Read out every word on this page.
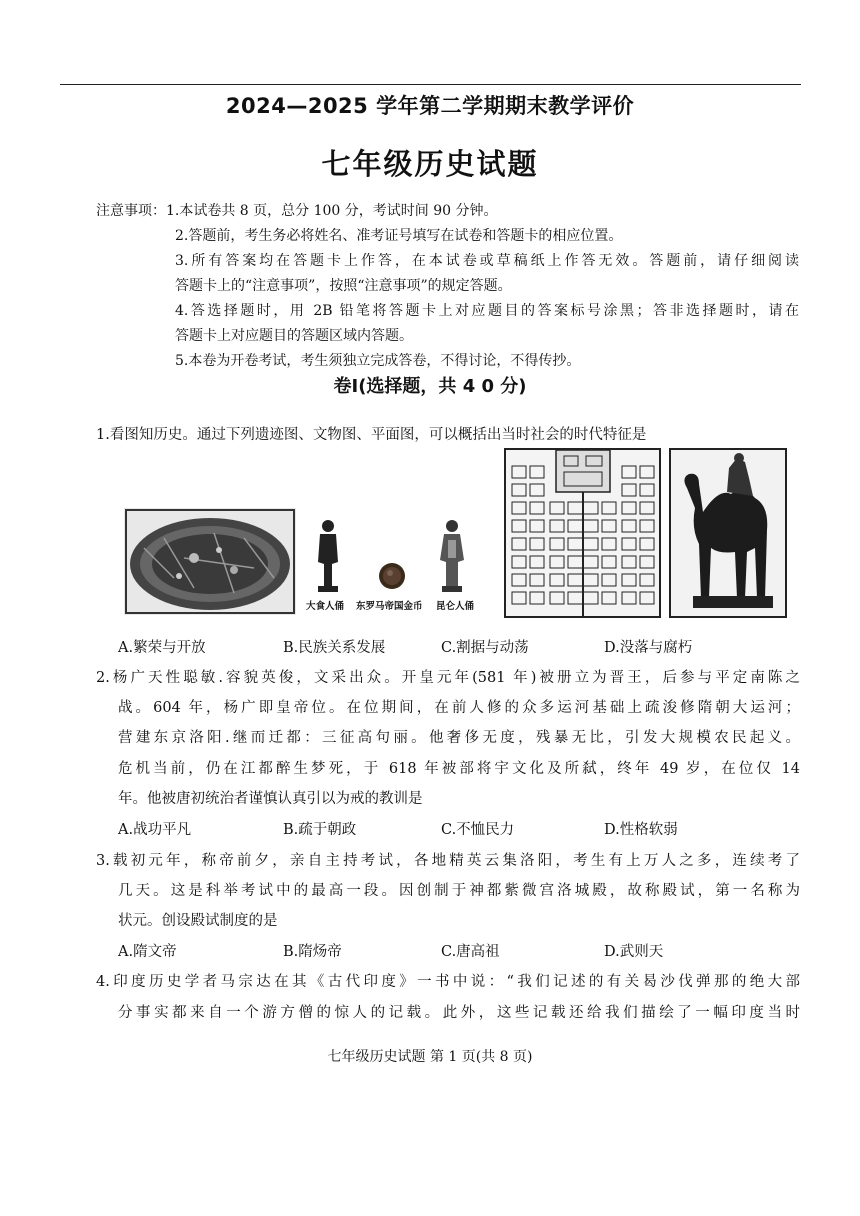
2024—2025 学年第二学期期末教学评价
七年级历史试题
注意事项：1.本试卷共 8 页，总分 100 分，考试时间 90 分钟。
2.答题前，考生务必将姓名、准考证号填写在试卷和答题卡的相应位置。
3.所有答案均在答题卡上作答，在本试卷或草稿纸上作答无效。答题前，请仔细阅读
答题卡上的“注意事项”，按照“注意事项”的规定答题。
4.答选择题时，用 2B 铅笔将答题卡上对应题目的答案标号涂黑；答非选择题时，请在
答题卡上对应题目的答题区域内答题。
5.本卷为开卷考试，考生须独立完成答卷，不得讨论，不得传抄。
卷Ⅰ(选择题，共 4 0 分)
1.看图知历史。通过下列遗迹图、文物图、平面图，可以概括出当时社会的时代特征是
大食人俑 东罗马帝国金币 昆仑人俑
A.繁荣与开放	B.民族关系发展	C.割据与动荡	D.没落与腐朽
2.杨广天性聪敏.容貌英俊，文采出众。开皇元年(581 年)被册立为晋王，后参与平定南陈之
战。604 年，杨广即皇帝位。在位期间，在前人修的众多运河基础上疏浚修隋朝大运河；
营建东京洛阳.继而迁都：三征高句丽。他奢侈无度，残暴无比，引发大规模农民起义。
危机当前，仍在江都醉生梦死，于 618 年被部将宇文化及所弑，终年 49 岁，在位仅 14
年。他被唐初统治者谨慎认真引以为戒的教训是
A.战功平凡	B.疏于朝政	C.不恤民力	D.性格软弱
3.载初元年，称帝前夕，亲自主持考试，各地精英云集洛阳，考生有上万人之多，连续考了
几天。这是科举考试中的最高一段。因创制于神都紫微宫洛城殿，故称殿试，第一名称为
状元。创设殿试制度的是
A.隋文帝	B.隋炀帝	C.唐高祖	D.武则天
4.印度历史学者马宗达在其《古代印度》一书中说：“我们记述的有关曷沙伐弹那的绝大部
分事实都来自一个游方僧的惊人的记载。此外，这些记载还给我们描绘了一幅印度当时
七年级历史试题 第 1 页(共 8 页)
